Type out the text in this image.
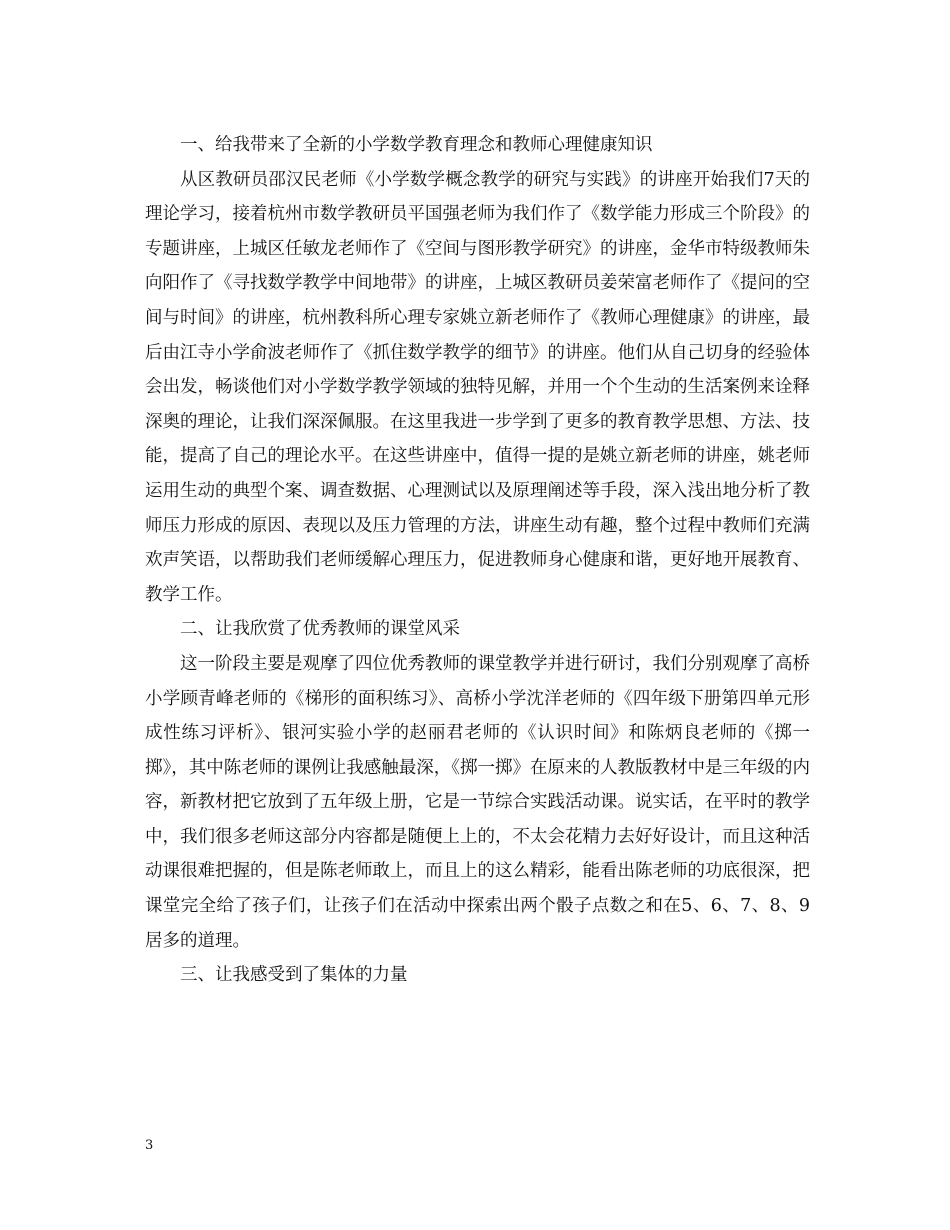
一、给我带来了全新的小学数学教育理念和教师心理健康知识

从区教研员邵汉民老师《小学数学概念教学的研究与实践》的讲座开始我们7天的理论学习，接着杭州市数学教研员平国强老师为我们作了《数学能力形成三个阶段》的专题讲座，上城区任敏龙老师作了《空间与图形教学研究》的讲座，金华市特级教师朱向阳作了《寻找数学教学中间地带》的讲座，上城区教研员姜荣富老师作了《提问的空间与时间》的讲座，杭州教科所心理专家姚立新老师作了《教师心理健康》的讲座，最后由江寺小学俞波老师作了《抓住数学教学的细节》的讲座。他们从自己切身的经验体会出发，畅谈他们对小学数学教学领域的独特见解，并用一个个生动的生活案例来诠释深奥的理论，让我们深深佩服。在这里我进一步学到了更多的教育教学思想、方法、技能，提高了自己的理论水平。在这些讲座中，值得一提的是姚立新老师的讲座，姚老师运用生动的典型个案、调查数据、心理测试以及原理阐述等手段，深入浅出地分析了教师压力形成的原因、表现以及压力管理的方法，讲座生动有趣，整个过程中教师们充满欢声笑语，以帮助我们老师缓解心理压力，促进教师身心健康和谐，更好地开展教育、教学工作。

二、让我欣赏了优秀教师的课堂风采

这一阶段主要是观摩了四位优秀教师的课堂教学并进行研讨，我们分别观摩了高桥小学顾青峰老师的《梯形的面积练习》、高桥小学沈洋老师的《四年级下册第四单元形成性练习评析》、银河实验小学的赵丽君老师的《认识时间》和陈炳良老师的《掷一掷》，其中陈老师的课例让我感触最深，《掷一掷》在原来的人教版教材中是三年级的内容，新教材把它放到了五年级上册，它是一节综合实践活动课。说实话，在平时的教学中，我们很多老师这部分内容都是随便上上的，不太会花精力去好好设计，而且这种活动课很难把握的，但是陈老师敢上，而且上的这么精彩，能看出陈老师的功底很深，把课堂完全给了孩子们，让孩子们在活动中探索出两个骰子点数之和在5、6、7、8、9居多的道理。

三、让我感受到了集体的力量

3
